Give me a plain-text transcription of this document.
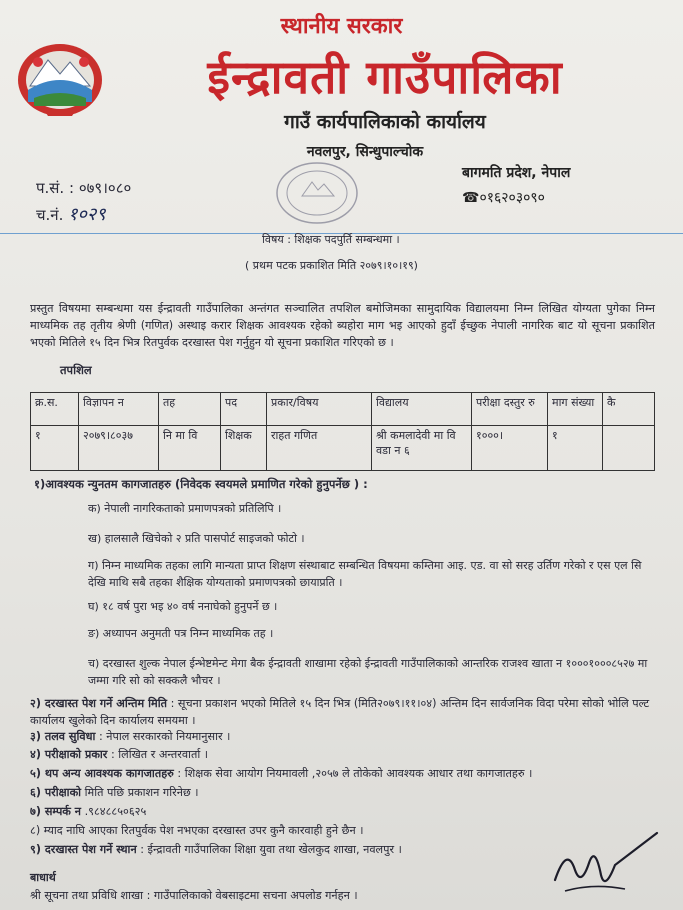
स्थानीय सरकार
ईन्द्रावती गाउँपालिका
गाउँ कार्यपालिकाको कार्यालय
नवलपुर, सिन्धुपाल्चोक
बागमति प्रदेश, नेपाल
☎०१६२०३०९०
प.सं. : ०७९।०८०
च.नं. १०२९
विषय : शिक्षक पदपुर्ति सम्बन्धमा ।
( प्रथम पटक प्रकाशित मिति २०७९।१०।१९)
प्रस्तुत विषयमा सम्बन्धमा यस ईन्द्रावती गाउँपालिका अन्तंगत सञ्चालित तपशिल बमोजिमका सामुदायिक विद्यालयमा निम्न लिखित योग्यता पुगेका निम्न माध्यमिक तह तृतीय श्रेणी (गणित) अस्थाइ करार शिक्षक आवश्यक रहेको ब्यहोरा माग भइ आएको हुदाँ ईच्छुक नेपाली नागरिक बाट यो सूचना प्रकाशित भएको मितिले १५ दिन भित्र रितपुर्वक दरखास्त पेश गर्नुहुन यो सूचना प्रकाशित गरिएको छ ।
तपशिल
क्र.स.	विज्ञापन न	तह	पद	प्रकार/विषय	विद्यालय	परीक्षा दस्तुर रु	माग संख्या	कै
१	२०७९।८०३७	नि मा वि	शिक्षक	राहत गणित	श्री कमलादेवी मा वि वडा न ६	१०००।	१	
१)आवश्यक न्युनतम कागजातहरु (निवेदक स्वयमले प्रमाणित गरेको हुनुपर्नेछ ) :
क) नेपाली नागरिकताको प्रमाणपत्रको प्रतिलिपि ।
ख) हालसालै खिचेको २ प्रति पासपोर्ट साइजको फोटो ।
ग) निम्न माध्यमिक तहका लागि मान्यता प्राप्त शिक्षण संस्थाबाट सम्बन्धित विषयमा कम्तिमा आइ. एड. वा सो सरह उर्तिण गरेको र एस एल सि देखि माथि सबै तहका शैक्षिक योग्यताको प्रमाणपत्रको छायाप्रति ।
घ) १८ वर्ष पुरा भइ ४० वर्ष ननाघेको हुनुपर्ने छ ।
ङ) अध्यापन अनुमती पत्र निम्न माध्यमिक तह ।
च) दरखास्त शुल्क नेपाल ईन्भेष्टमेन्ट मेगा बैक ईन्द्रावती शाखामा रहेको ईन्द्रावती गाउँपालिकाको आन्तरिक राजश्व खाता न १०००१०००८५२७ मा जम्मा गरि सो को सक्कलै भौचर ।
२) दरखास्त पेश गर्ने अन्तिम मिति : सूचना प्रकाशन भएको मितिले १५ दिन भित्र (मिति२०७९।११।०४) अन्तिम दिन सार्वजनिक विदा परेमा सोको भोलि पल्ट कार्यालय खुलेको दिन कार्यालय समयमा ।
३) तलव सुविधा : नेपाल सरकारको नियमानुसार ।
४) परीक्षाको प्रकार : लिखित र अन्तरवार्ता ।
५) थप अन्य आवश्यक कागजातहरु : शिक्षक सेवा आयोग नियमावली ,२०५७ ले तोकेको आवश्यक आधार तथा कागजातहरु ।
६) परीक्षाको मिति पछि प्रकाशन गरिनेछ ।
७) सम्पर्क न .९८४८८५०६२५
८) म्याद नाघि आएका रितपुर्वक पेश नभएका दरखास्त उपर कुनै कारवाही हुने छैन ।
९) दरखास्त पेश गर्ने स्थान : ईन्द्रावती गाउँपालिका शिक्षा युवा तथा खेलकुद शाखा, नवलपुर ।
बाधार्थ
श्री सूचना तथा प्रविधि शाखा : गाउँपालिकाको वेबसाइटमा सचना अपलोड गर्नहन ।
